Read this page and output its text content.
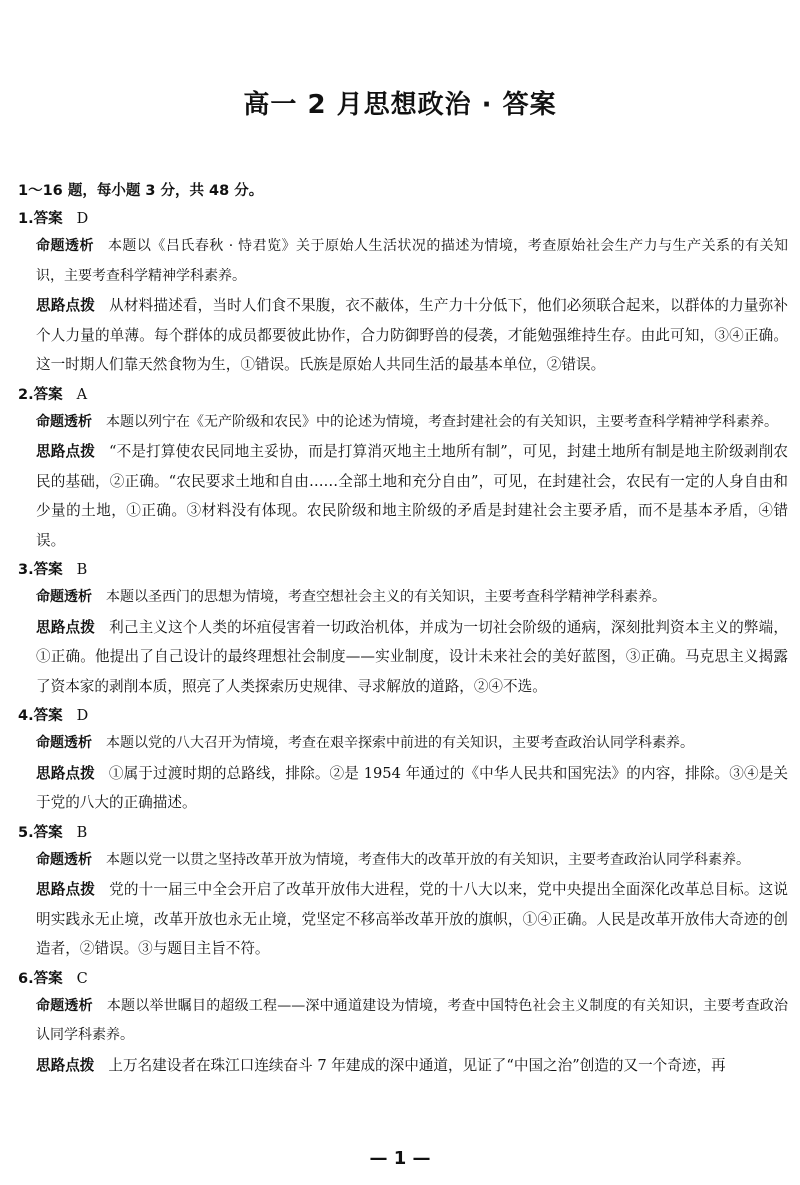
高一 2 月思想政治 · 答案
1～16 题，每小题 3 分，共 48 分。
1.答案 D
命题透析 本题以《吕氏春秋 · 恃君览》关于原始人生活状况的描述为情境，考查原始社会生产力与生产关系的有关知识，主要考查科学精神学科素养。
思路点拨 从材料描述看，当时人们食不果腹，衣不蔽体，生产力十分低下，他们必须联合起来，以群体的力量弥补个人力量的单薄。每个群体的成员都要彼此协作，合力防御野兽的侵袭，才能勉强维持生存。由此可知，③④正确。这一时期人们靠天然食物为生，①错误。氏族是原始人共同生活的最基本单位，②错误。
2.答案 A
命题透析 本题以列宁在《无产阶级和农民》中的论述为情境，考查封建社会的有关知识，主要考查科学精神学科素养。
思路点拨 “不是打算使农民同地主妥协，而是打算消灭地主土地所有制”，可见，封建土地所有制是地主阶级剥削农民的基础，②正确。“农民要求土地和自由……全部土地和充分自由”，可见，在封建社会，农民有一定的人身自由和少量的土地，①正确。③材料没有体现。农民阶级和地主阶级的矛盾是封建社会主要矛盾，而不是基本矛盾，④错误。
3.答案 B
命题透析 本题以圣西门的思想为情境，考查空想社会主义的有关知识，主要考查科学精神学科素养。
思路点拨 利己主义这个人类的坏疽侵害着一切政治机体，并成为一切社会阶级的通病，深刻批判资本主义的弊端，①正确。他提出了自己设计的最终理想社会制度——实业制度，设计未来社会的美好蓝图，③正确。马克思主义揭露了资本家的剥削本质，照亮了人类探索历史规律、寻求解放的道路，②④不选。
4.答案 D
命题透析 本题以党的八大召开为情境，考查在艰辛探索中前进的有关知识，主要考查政治认同学科素养。
思路点拨 ①属于过渡时期的总路线，排除。②是 1954 年通过的《中华人民共和国宪法》的内容，排除。③④是关于党的八大的正确描述。
5.答案 B
命题透析 本题以党一以贯之坚持改革开放为情境，考查伟大的改革开放的有关知识，主要考查政治认同学科素养。
思路点拨 党的十一届三中全会开启了改革开放伟大进程，党的十八大以来，党中央提出全面深化改革总目标。这说明实践永无止境，改革开放也永无止境，党坚定不移高举改革开放的旗帜，①④正确。人民是改革开放伟大奇迹的创造者，②错误。③与题目主旨不符。
6.答案 C
命题透析 本题以举世瞩目的超级工程——深中通道建设为情境，考查中国特色社会主义制度的有关知识，主要考查政治认同学科素养。
思路点拨 上万名建设者在珠江口连续奋斗 7 年建成的深中通道，见证了“中国之治”创造的又一个奇迹，再
— 1 —
